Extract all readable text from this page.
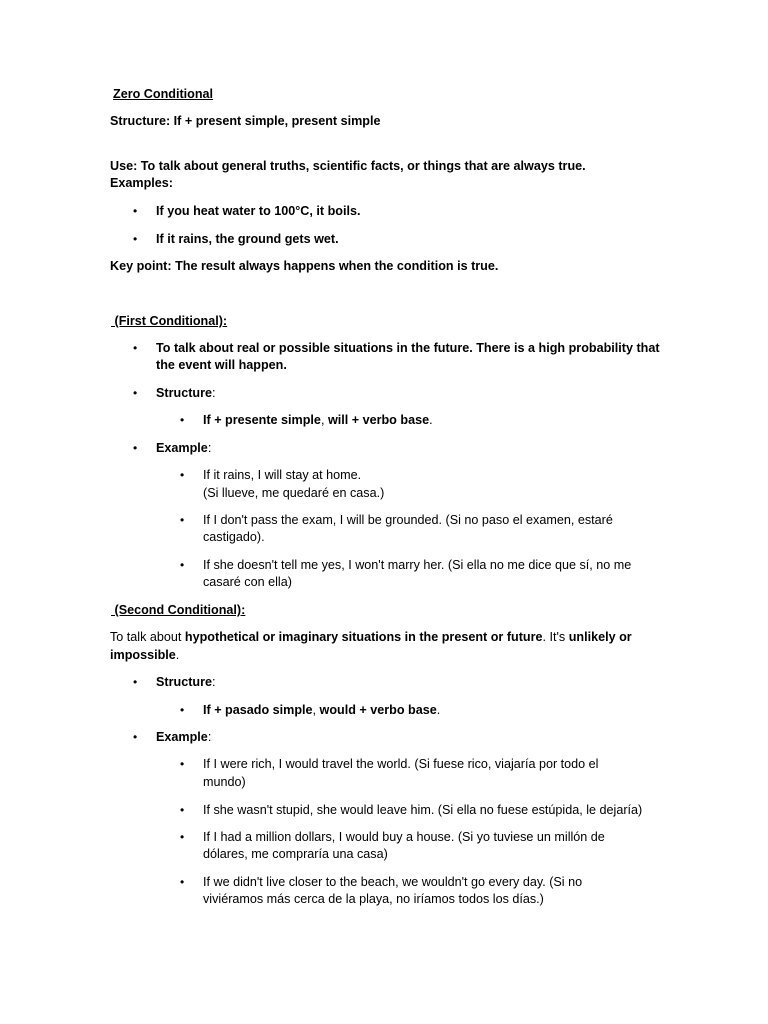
Zero Conditional
Structure: If + present simple, present simple
Use: To talk about general truths, scientific facts, or things that are always true.
Examples:
• If you heat water to 100°C, it boils.
• If it rains, the ground gets wet.
Key point: The result always happens when the condition is true.
(First Conditional):
• To talk about real or possible situations in the future. There is a high probability that
the event will happen.
• Structure:
• If + presente simple, will + verbo base.
• Example:
• If it rains, I will stay at home.
(Si llueve, me quedaré en casa.)
• If I don't pass the exam, I will be grounded. (Si no paso el examen, estaré
castigado).
• If she doesn't tell me yes, I won't marry her. (Si ella no me dice que sí, no me
casaré con ella)
(Second Conditional):
To talk about hypothetical or imaginary situations in the present or future. It's unlikely or
impossible.
• Structure:
• If + pasado simple, would + verbo base.
• Example:
• If I were rich, I would travel the world. (Si fuese rico, viajaría por todo el
mundo)
• If she wasn't stupid, she would leave him. (Si ella no fuese estúpida, le dejaría)
• If I had a million dollars, I would buy a house. (Si yo tuviese un millón de
dólares, me compraría una casa)
• If we didn't live closer to the beach, we wouldn't go every day. (Si no
viviéramos más cerca de la playa, no iríamos todos los días.)
